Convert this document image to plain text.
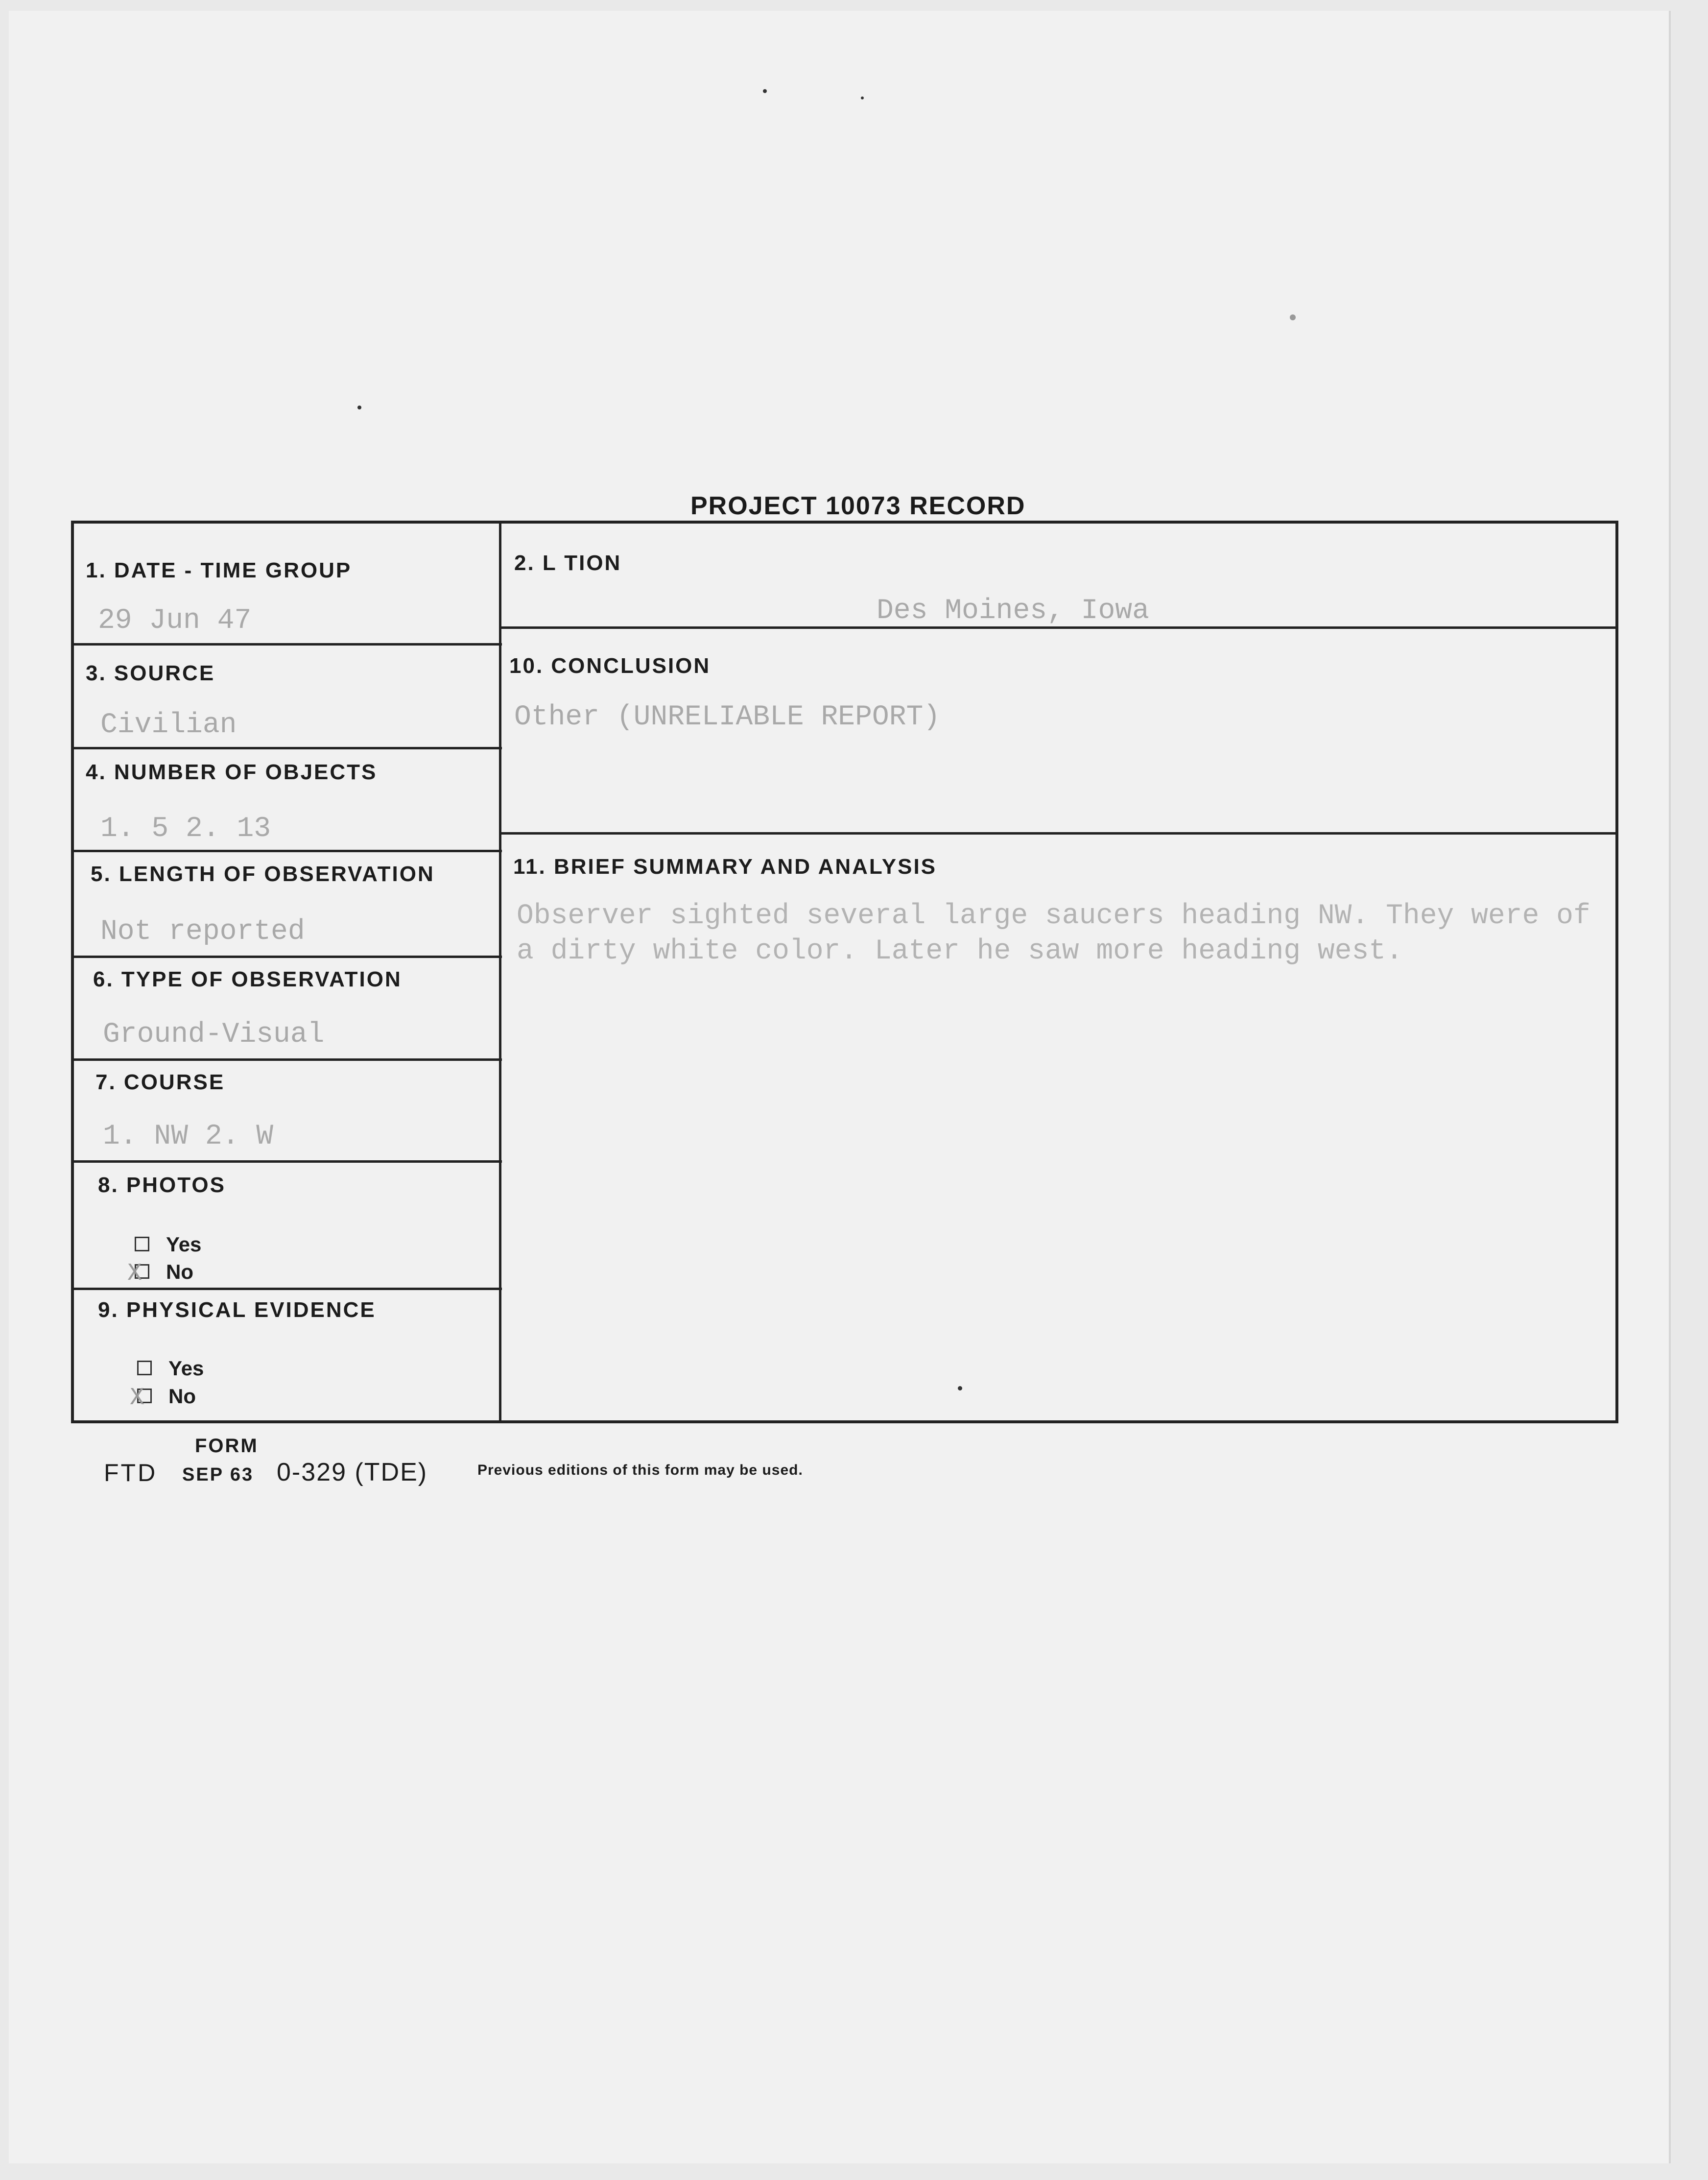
PROJECT 10073 RECORD
1. DATE - TIME GROUP
29 Jun 47
2. L TION
Des Moines, Iowa
3. SOURCE
Civilian
4. NUMBER OF OBJECTS
1. 5 2. 13
5. LENGTH OF OBSERVATION
Not reported
6. TYPE OF OBSERVATION
Ground-Visual
7. COURSE
1. NW 2. W
8. PHOTOS
Yes
X No
9. PHYSICAL EVIDENCE
Yes
X No
10. CONCLUSION
Other (UNRELIABLE REPORT)
11. BRIEF SUMMARY AND ANALYSIS
Observer sighted several large saucers heading NW. They were of a dirty white color. Later he saw more heading west.
FORM
FTD SEP 63 0-329 (TDE)	Previous editions of this form may be used.
